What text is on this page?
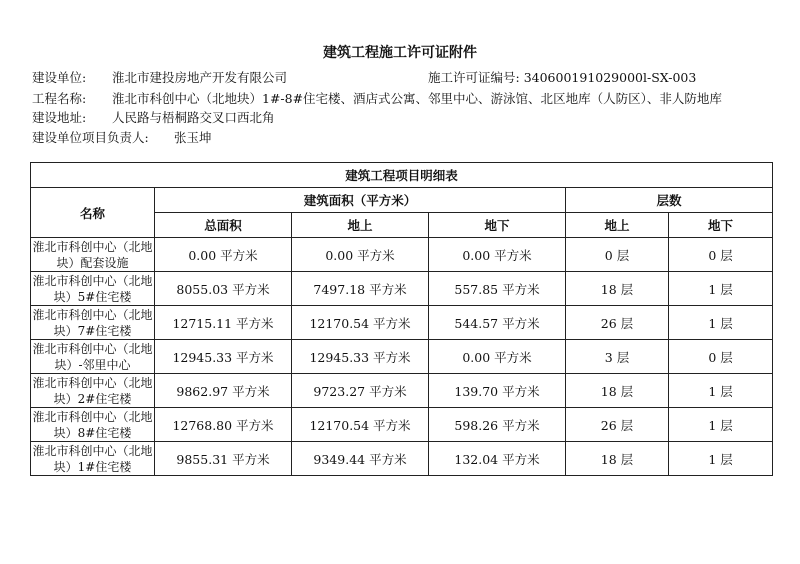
建筑工程施工许可证附件
建设单位: 淮北市建投房地产开发有限公司	施工许可证编号: 340600191029000l-SX-003
工程名称: 淮北市科创中心（北地块）1#-8#住宅楼、酒店式公寓、邻里中心、游泳馆、北区地库（人防区）、非人防地库
建设地址: 人民路与梧桐路交叉口西北角
建设单位项目负责人: 张玉坤
建筑工程项目明细表					
名称	建筑面积（平方米）			层数	
	总面积	地上	地下	地上	地下
淮北市科创中心（北地块）配套设施	0.00 平方米	0.00 平方米	0.00 平方米	0 层	0 层
淮北市科创中心（北地块）5#住宅楼	8055.03 平方米	7497.18 平方米	557.85 平方米	18 层	1 层
淮北市科创中心（北地块）7#住宅楼	12715.11 平方米	12170.54 平方米	544.57 平方米	26 层	1 层
淮北市科创中心（北地块）-邻里中心	12945.33 平方米	12945.33 平方米	0.00 平方米	3 层	0 层
淮北市科创中心（北地块）2#住宅楼	9862.97 平方米	9723.27 平方米	139.70 平方米	18 层	1 层
淮北市科创中心（北地块）8#住宅楼	12768.80 平方米	12170.54 平方米	598.26 平方米	26 层	1 层
淮北市科创中心（北地块）1#住宅楼	9855.31 平方米	9349.44 平方米	132.04 平方米	18 层	1 层
